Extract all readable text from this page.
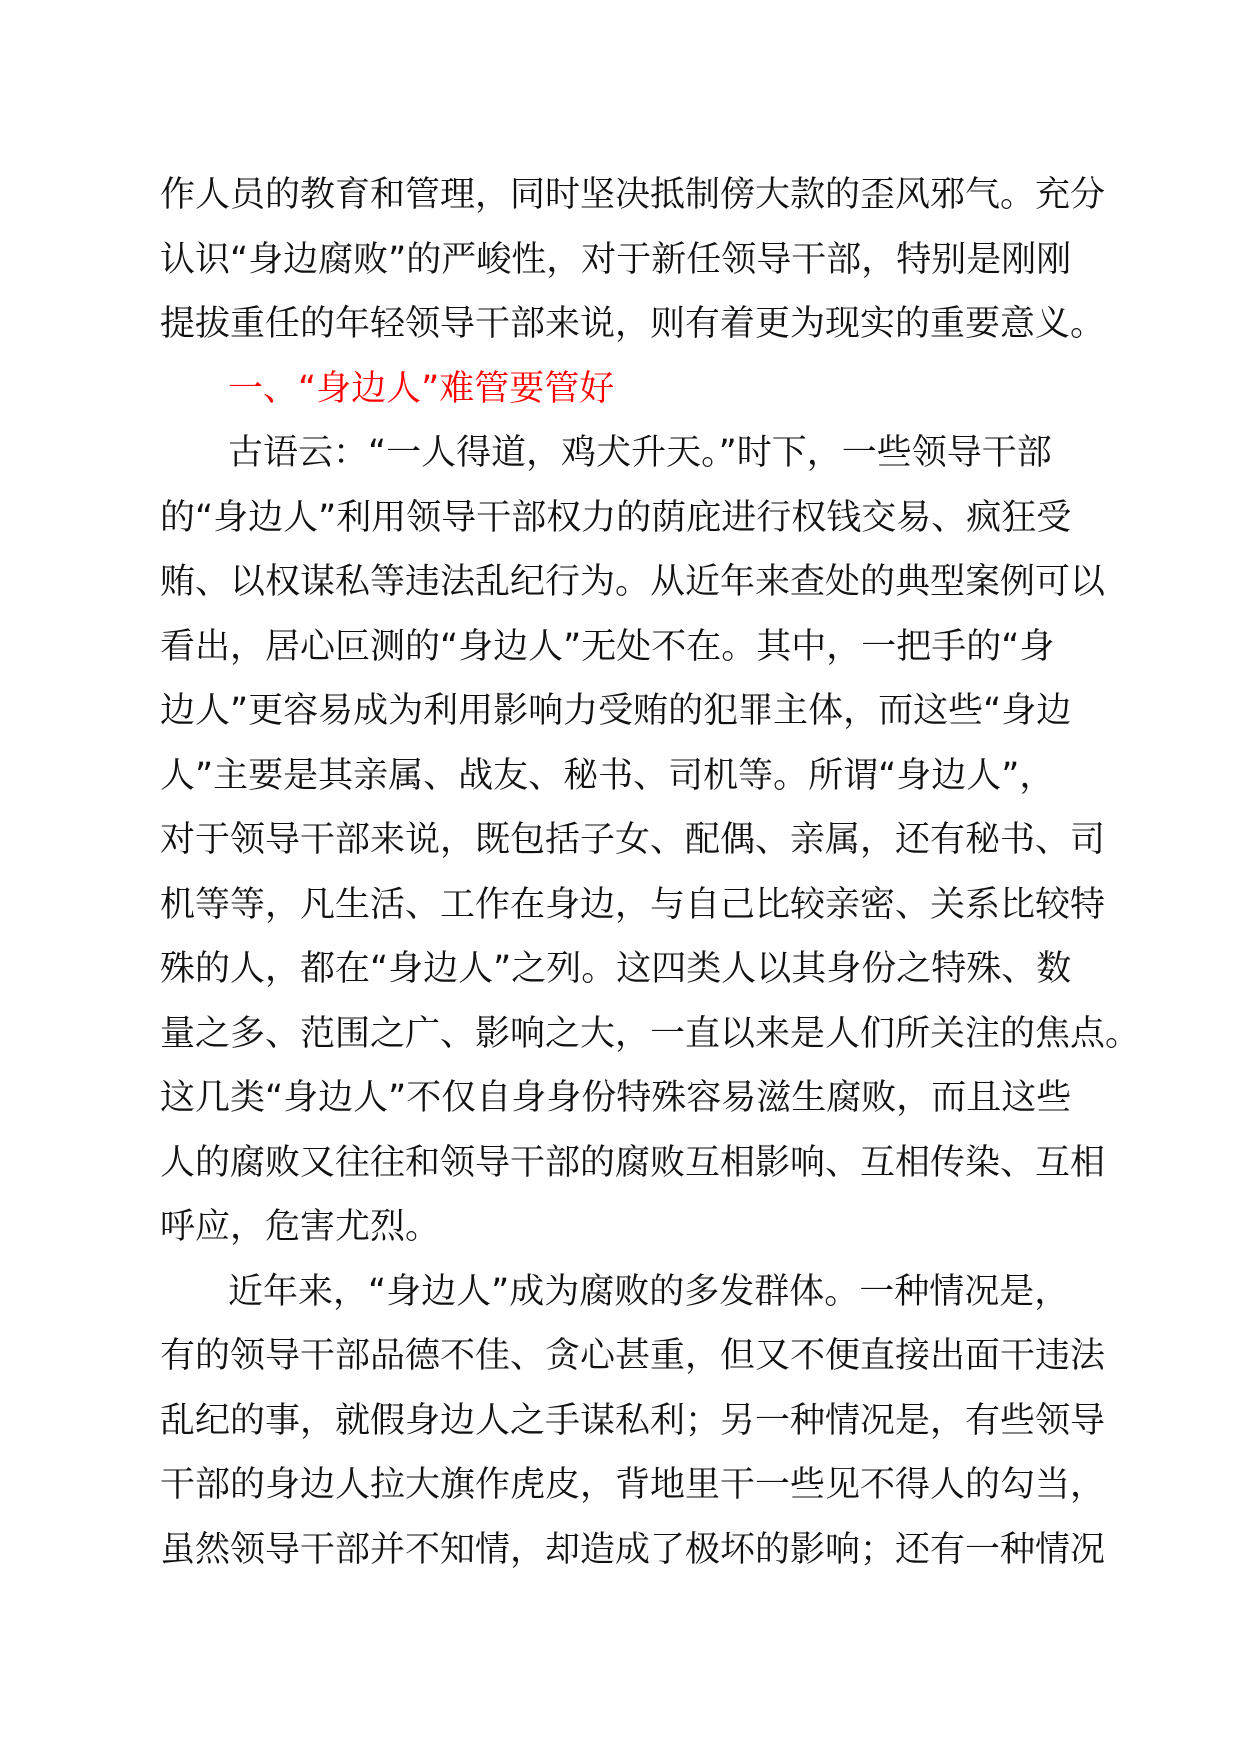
作人员的教育和管理，同时坚决抵制傍大款的歪风邪气。充分
认识“身边腐败”的严峻性，对于新任领导干部，特别是刚刚
提拔重任的年轻领导干部来说，则有着更为现实的重要意义。
一、“身边人”难管要管好
古语云：“一人得道，鸡犬升天。”时下，一些领导干部
的“身边人”利用领导干部权力的荫庇进行权钱交易、疯狂受
贿、以权谋私等违法乱纪行为。从近年来查处的典型案例可以
看出，居心叵测的“身边人”无处不在。其中，一把手的“身
边人”更容易成为利用影响力受贿的犯罪主体，而这些“身边
人”主要是其亲属、战友、秘书、司机等。所谓“身边人”，
对于领导干部来说，既包括子女、配偶、亲属，还有秘书、司
机等等，凡生活、工作在身边，与自己比较亲密、关系比较特
殊的人，都在“身边人”之列。这四类人以其身份之特殊、数
量之多、范围之广、影响之大，一直以来是人们所关注的焦点。
这几类“身边人”不仅自身身份特殊容易滋生腐败，而且这些
人的腐败又往往和领导干部的腐败互相影响、互相传染、互相
呼应，危害尤烈。
近年来，“身边人”成为腐败的多发群体。一种情况是，
有的领导干部品德不佳、贪心甚重，但又不便直接出面干违法
乱纪的事，就假身边人之手谋私利；另一种情况是，有些领导
干部的身边人拉大旗作虎皮，背地里干一些见不得人的勾当，
虽然领导干部并不知情，却造成了极坏的影响；还有一种情况
